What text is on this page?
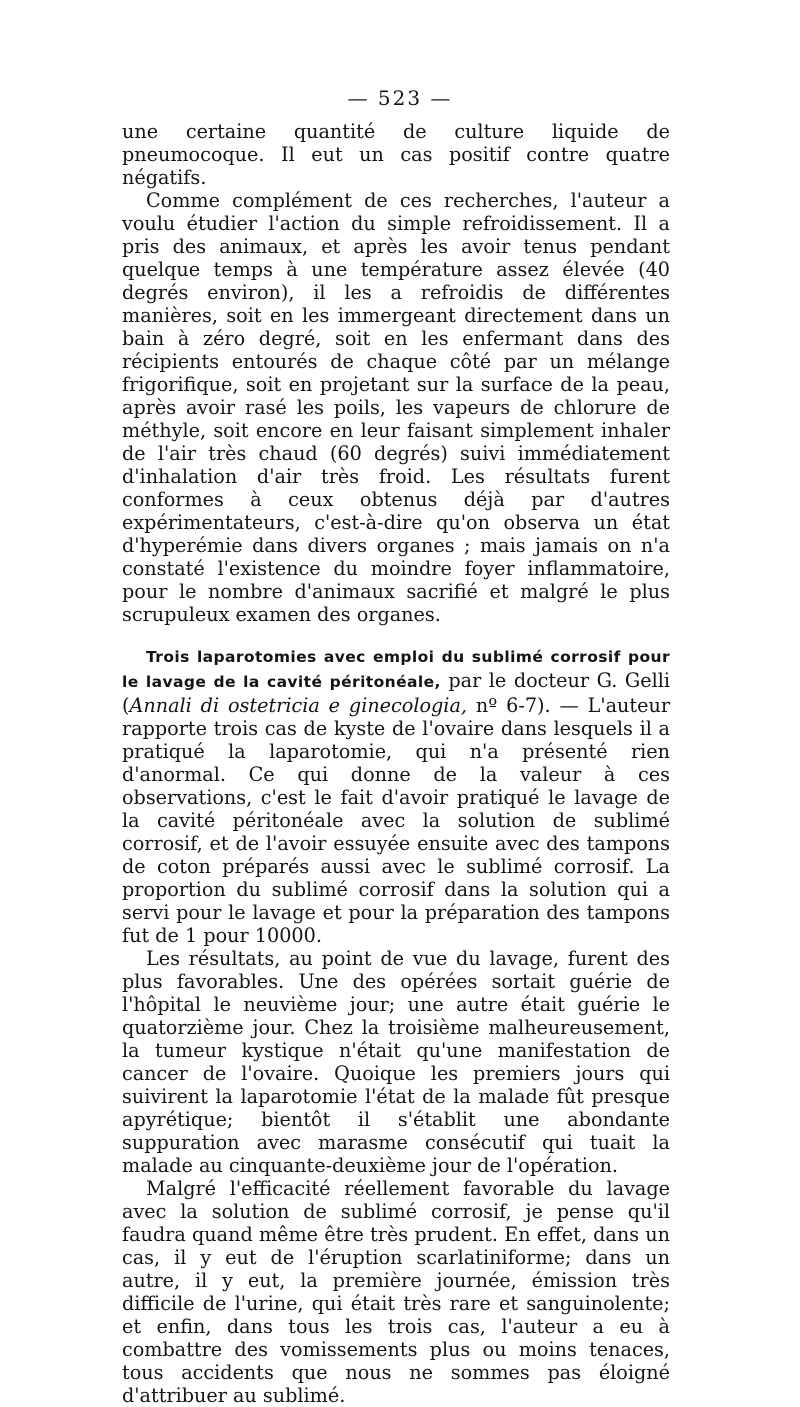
— 523 —

une certaine quantité de culture liquide de pneumocoque. Il eut un cas positif contre quatre négatifs.

Comme complément de ces recherches, l'auteur a voulu étudier l'action du simple refroidissement. Il a pris des animaux, et après les avoir tenus pendant quelque temps à une température assez élevée (40 degrés environ), il les a refroidis de différentes manières, soit en les immergeant directement dans un bain à zéro degré, soit en les enfermant dans des récipients entourés de chaque côté par un mélange frigorifique, soit en projetant sur la surface de la peau, après avoir rasé les poils, les vapeurs de chlorure de méthyle, soit encore en leur faisant simplement inhaler de l'air très chaud (60 degrés) suivi immédiatement d'inhalation d'air très froid. Les résultats furent conformes à ceux obtenus déjà par d'autres expérimentateurs, c'est-à-dire qu'on observa un état d'hyperémie dans divers organes ; mais jamais on n'a constaté l'existence du moindre foyer inflammatoire, pour le nombre d'animaux sacrifié et malgré le plus scrupuleux examen des organes.

Trois laparotomies avec emploi du sublimé corrosif pour le lavage de la cavité péritonéale, par le docteur G. Gelli (Annali di ostetricia e ginecologia, nº 6-7). — L'auteur rapporte trois cas de kyste de l'ovaire dans lesquels il a pratiqué la laparotomie, qui n'a présenté rien d'anormal. Ce qui donne de la valeur à ces observations, c'est le fait d'avoir pratiqué le lavage de la cavité péritonéale avec la solution de sublimé corrosif, et de l'avoir essuyée ensuite avec des tampons de coton préparés aussi avec le sublimé corrosif. La proportion du sublimé corrosif dans la solution qui a servi pour le lavage et pour la préparation des tampons fut de 1 pour 10000.

Les résultats, au point de vue du lavage, furent des plus favorables. Une des opérées sortait guérie de l'hôpital le neuvième jour; une autre était guérie le quatorzième jour. Chez la troisième malheureusement, la tumeur kystique n'était qu'une manifestation de cancer de l'ovaire. Quoique les premiers jours qui suivirent la laparotomie l'état de la malade fût presque apyrétique; bientôt il s'établit une abondante suppuration avec marasme consécutif qui tuait la malade au cinquante-deuxième jour de l'opération.

Malgré l'efficacité réellement favorable du lavage avec la solution de sublimé corrosif, je pense qu'il faudra quand même être très prudent. En effet, dans un cas, il y eut de l'éruption scarlatiniforme; dans un autre, il y eut, la première journée, émission très difficile de l'urine, qui était très rare et sanguinolente; et enfin, dans tous les trois cas, l'auteur a eu à combattre des vomissements plus ou moins tenaces, tous accidents que nous ne sommes pas éloigné d'attribuer au sublimé.
